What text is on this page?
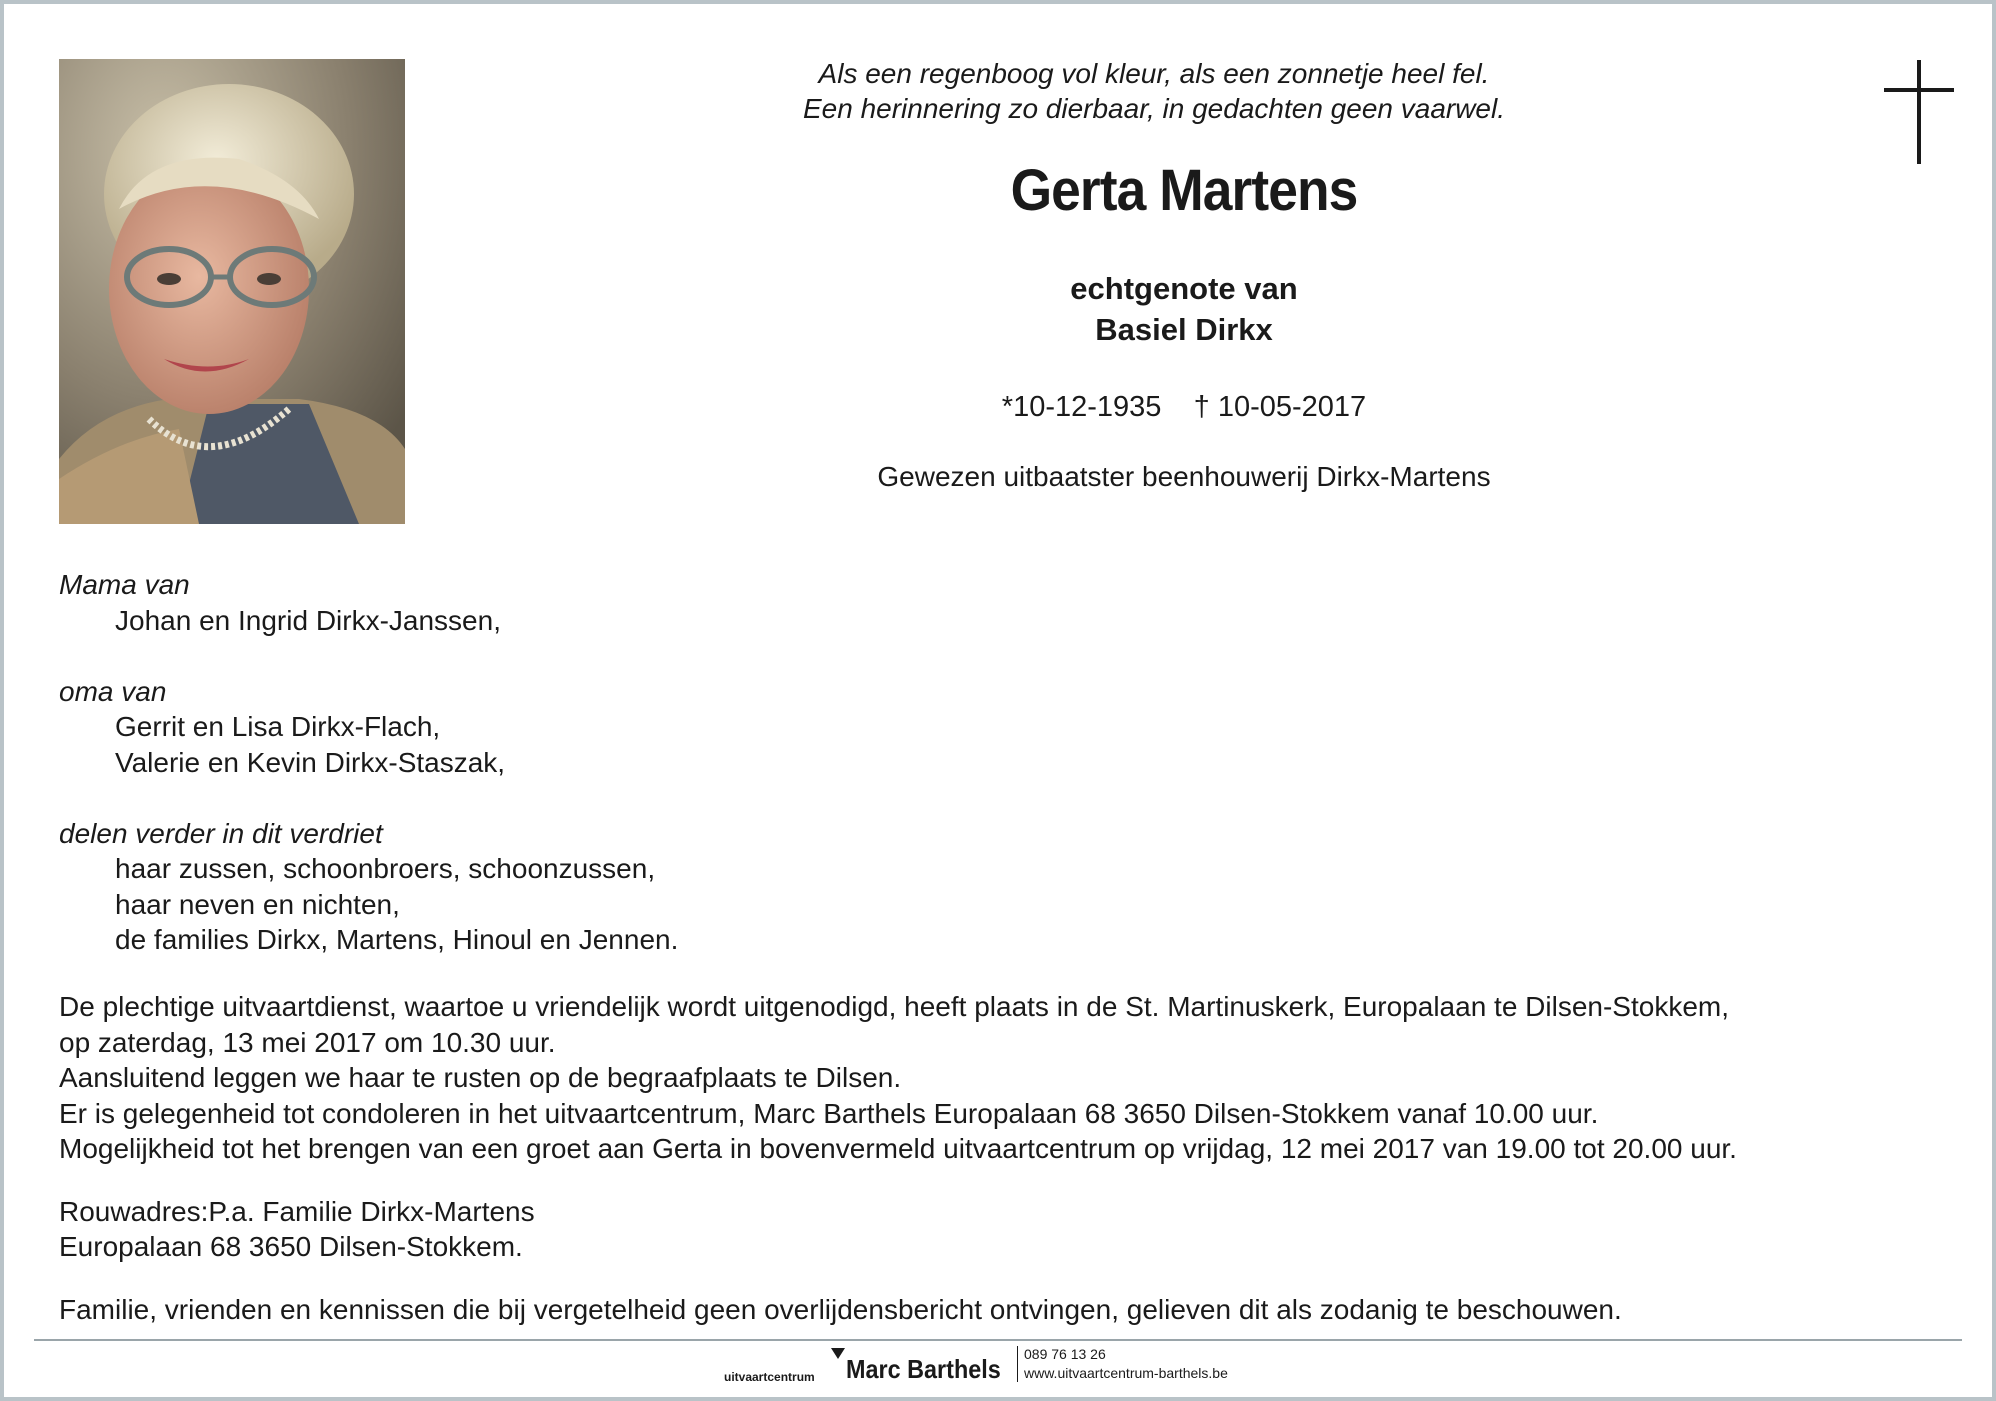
Als een regenboog vol kleur, als een zonnetje heel fel.
Een herinnering zo dierbaar, in gedachten geen vaarwel.
Gerta Martens
echtgenote van
Basiel Dirkx
*10-12-1935    † 10-05-2017
Gewezen uitbaatster beenhouwerij Dirkx-Martens
Mama van
Johan en Ingrid Dirkx-Janssen,
oma van
Gerrit en Lisa Dirkx-Flach,
Valerie en Kevin Dirkx-Staszak,
delen verder in dit verdriet
haar zussen, schoonbroers, schoonzussen,
haar neven en nichten,
de families Dirkx, Martens, Hinoul en Jennen.
De plechtige uitvaartdienst, waartoe u vriendelijk wordt uitgenodigd, heeft plaats in de St. Martinuskerk, Europalaan te Dilsen-Stokkem,
op zaterdag, 13 mei 2017 om 10.30 uur.
Aansluitend leggen we haar te rusten op de begraafplaats te Dilsen.
Er is gelegenheid tot condoleren in het uitvaartcentrum, Marc Barthels Europalaan 68 3650 Dilsen-Stokkem vanaf 10.00 uur.
Mogelijkheid tot het brengen van een groet aan Gerta in bovenvermeld uitvaartcentrum op vrijdag, 12 mei 2017 van 19.00 tot 20.00 uur.
Rouwadres:P.a. Familie Dirkx-Martens
Europalaan 68 3650 Dilsen-Stokkem.
Familie, vrienden en kennissen die bij vergetelheid geen overlijdensbericht ontvingen, gelieven dit als zodanig te beschouwen.
uitvaartcentrum Marc Barthels 089 76 13 26
www.uitvaartcentrum-barthels.be
